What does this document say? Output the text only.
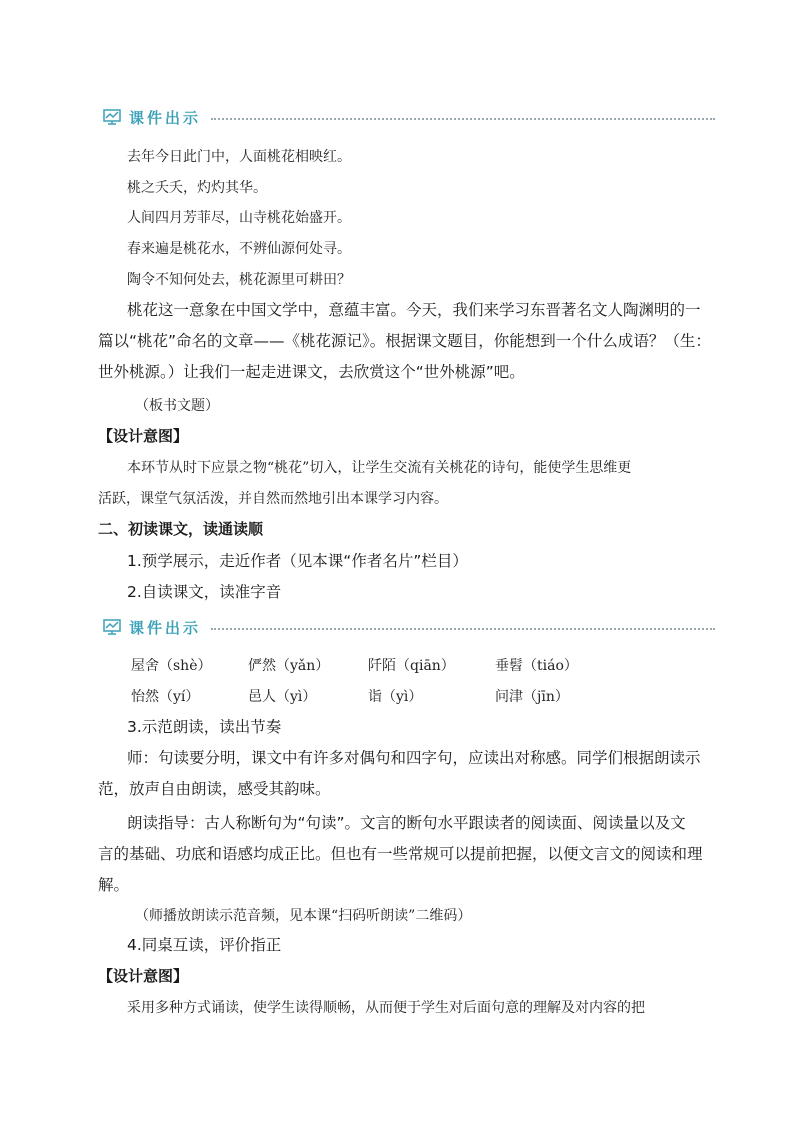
课件出示
去年今日此门中，人面桃花相映红。
桃之夭夭，灼灼其华。
人间四月芳菲尽，山寺桃花始盛开。
春来遍是桃花水，不辨仙源何处寻。
陶令不知何处去，桃花源里可耕田？
桃花这一意象在中国文学中，意蕴丰富。今天，我们来学习东晋著名文人陶渊明的一
篇以“桃花”命名的文章——《桃花源记》。根据课文题目，你能想到一个什么成语？（生：
世外桃源。）让我们一起走进课文，去欣赏这个“世外桃源”吧。
（板书文题）
【设计意图】
本环节从时下应景之物“桃花”切入，让学生交流有关桃花的诗句，能使学生思维更
活跃，课堂气氛活泼，并自然而然地引出本课学习内容。
二、初读课文，读通读顺
1.预学展示，走近作者（见本课“作者名片”栏目）
2.自读课文，读准字音
课件出示
屋舍（shè）	俨然（yǎn）	阡陌（qiān）	垂髫（tiáo）
怡然（yí）	邑人（yì）	诣（yì）	问津（jīn）
3.示范朗读，读出节奏
师：句读要分明，课文中有许多对偶句和四字句，应读出对称感。同学们根据朗读示
范，放声自由朗读，感受其韵味。
朗读指导：古人称断句为“句读”。文言的断句水平跟读者的阅读面、阅读量以及文
言的基础、功底和语感均成正比。但也有一些常规可以提前把握，以便文言文的阅读和理
解。
（师播放朗读示范音频，见本课“扫码听朗读”二维码）
4.同桌互读，评价指正
【设计意图】
采用多种方式诵读，使学生读得顺畅，从而便于学生对后面句意的理解及对内容的把
